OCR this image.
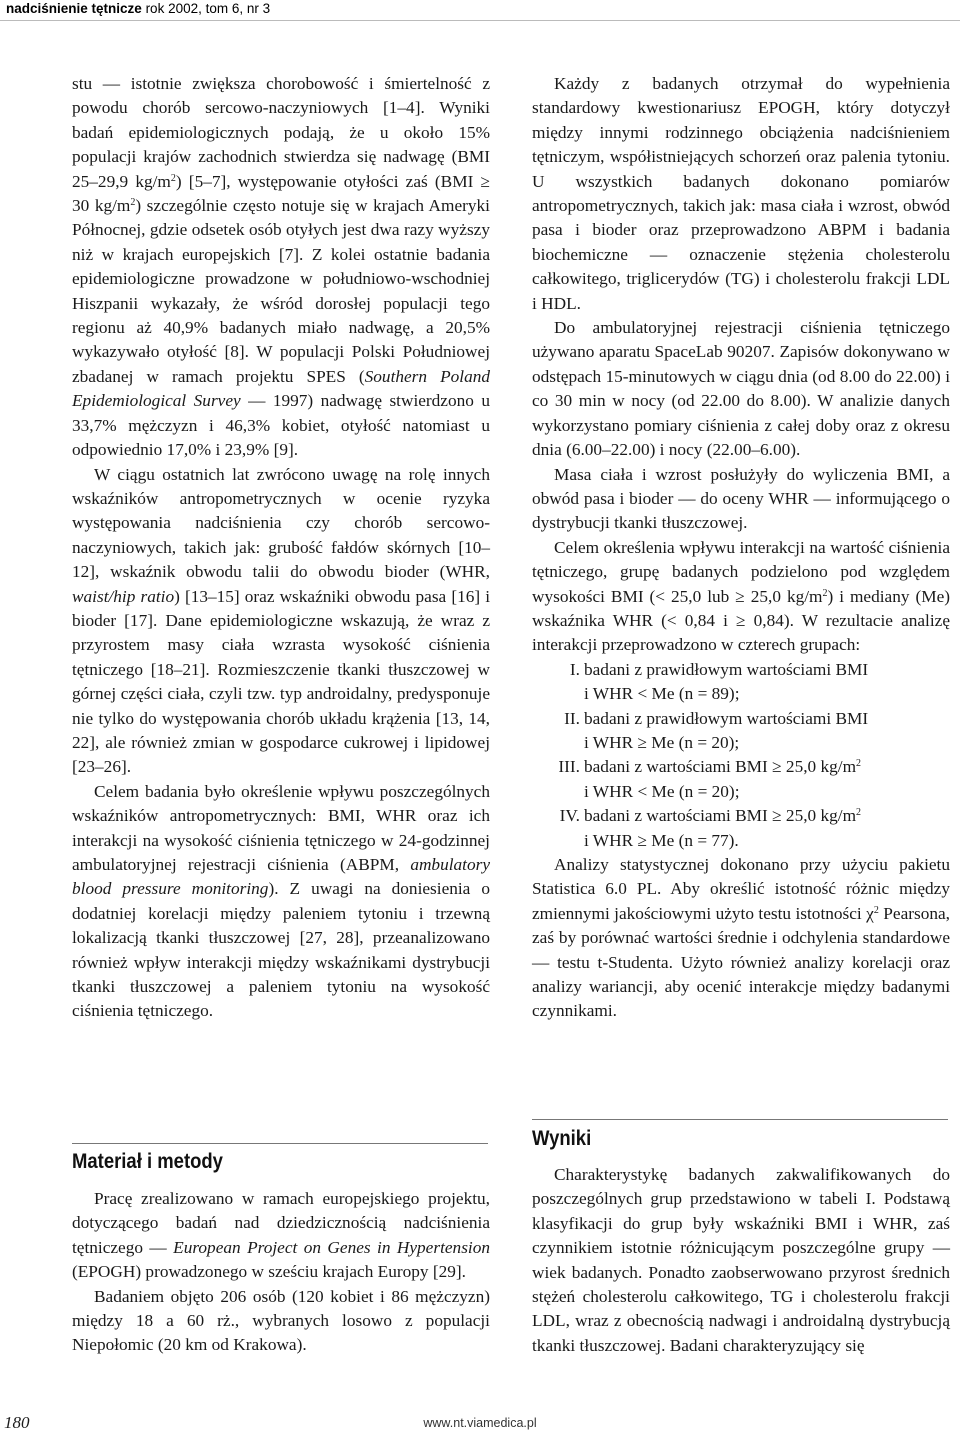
nadciśnienie tętnicze rok 2002, tom 6, nr 3

stu — istotnie zwiększa chorobowość i śmiertelność z powodu chorób sercowo-naczyniowych [1–4]. Wyniki badań epidemiologicznych podają, że u około 15% populacji krajów zachodnich stwierdza się nadwagę (BMI 25–29,9 $kg/m^2$) [5–7], występowanie otyłości zaś (BMI ≥ 30 $kg/m^2$) szczególnie często notuje się w krajach Ameryki Północnej, gdzie odsetek osób otyłych jest dwa razy wyższy niż w krajach europejskich [7]. Z kolei ostatnie badania epidemiologiczne prowadzone w południowo-wschodniej Hiszpanii wykazały, że wśród dorosłej populacji tego regionu aż 40,9% badanych miało nadwagę, a 20,5% wykazywało otyłość [8]. W populacji Polski Południowej zbadanej w ramach projektu SPES (Southern Poland Epidemiological Survey — 1997) nadwagę stwierdzono u 33,7% mężczyzn i 46,3% kobiet, otyłość natomiast u odpowiednio 17,0% i 23,9% [9].

W ciągu ostatnich lat zwrócono uwagę na rolę innych wskaźników antropometrycznych w ocenie ryzyka występowania nadciśnienia czy chorób sercowo-naczyniowych, takich jak: grubość fałdów skórnych [10–12], wskaźnik obwodu talii do obwodu bioder (WHR, waist/hip ratio) [13–15] oraz wskaźniki obwodu pasa [16] i bioder [17]. Dane epidemiologiczne wskazują, że wraz z przyrostem masy ciała wzrasta wysokość ciśnienia tętniczego [18–21]. Rozmieszczenie tkanki tłuszczowej w górnej części ciała, czyli tzw. typ androidalny, predysponuje nie tylko do występowania chorób układu krążenia [13, 14, 22], ale również zmian w gospodarce cukrowej i lipidowej [23–26].

Celem badania było określenie wpływu poszczególnych wskaźników antropometrycznych: BMI, WHR oraz ich interakcji na wysokość ciśnienia tętniczego w 24-godzinnej ambulatoryjnej rejestracji ciśnienia (ABPM, ambulatory blood pressure monitoring). Z uwagi na doniesienia o dodatniej korelacji między paleniem tytoniu i trzewną lokalizacją tkanki tłuszczowej [27, 28], przeanalizowano również wpływ interakcji między wskaźnikami dystrybucji tkanki tłuszczowej a paleniem tytoniu na wysokość ciśnienia tętniczego.

Materiał i metody

Pracę zrealizowano w ramach europejskiego projektu, dotyczącego badań nad dziedzicznością nadciśnienia tętniczego — European Project on Genes in Hypertension (EPOGH) prowadzonego w sześciu krajach Europy [29].

Badaniem objęto 206 osób (120 kobiet i 86 mężczyzn) między 18 a 60 rż., wybranych losowo z populacji Niepołomic (20 km od Krakowa).

Każdy z badanych otrzymał do wypełnienia standardowy kwestionariusz EPOGH, który dotyczył między innymi rodzinnego obciążenia nadciśnieniem tętniczym, współistniejących schorzeń oraz palenia tytoniu. U wszystkich badanych dokonano pomiarów antropometrycznych, takich jak: masa ciała i wzrost, obwód pasa i bioder oraz przeprowadzono ABPM i badania biochemiczne — oznaczenie stężenia cholesterolu całkowitego, triglicerydów (TG) i cholesterolu frakcji LDL i HDL.

Do ambulatoryjnej rejestracji ciśnienia tętniczego używano aparatu SpaceLab 90207. Zapisów dokonywano w odstępach 15-minutowych w ciągu dnia (od 8.00 do 22.00) i co 30 min w nocy (od 22.00 do 8.00). W analizie danych wykorzystano pomiary ciśnienia z całej doby oraz z okresu dnia (6.00–22.00) i nocy (22.00–6.00).

Masa ciała i wzrost posłużyły do wyliczenia BMI, a obwód pasa i bioder — do oceny WHR — informującego o dystrybucji tkanki tłuszczowej.

Celem określenia wpływu interakcji na wartość ciśnienia tętniczego, grupę badanych podzielono pod względem wysokości BMI (< 25,0 lub ≥ 25,0 $kg/m^2$) i mediany (Me) wskaźnika WHR (< 0,84 i ≥ 0,84). W rezultacie analizę interakcji przeprowadzono w czterech grupach:

I. badani z prawidłowym wartościami BMI
i WHR < Me (n = 89);
II. badani z prawidłowym wartościami BMI
i WHR ≥ Me (n = 20);
III. badani z wartościami BMI ≥ 25,0 $kg/m^2$
i WHR < Me (n = 20);
IV. badani z wartościami BMI ≥ 25,0 $kg/m^2$
i WHR ≥ Me (n = 77).

Analizy statystycznej dokonano przy użyciu pakietu Statistica 6.0 PL. Aby określić istotność różnic między zmiennymi jakościowymi użyto testu istotności $\chi^2$ Pearsona, zaś by porównać wartości średnie i odchylenia standardowe — testu t-Studenta. Użyto również analizy korelacji oraz analizy wariancji, aby ocenić interakcje między badanymi czynnikami.

Wyniki

Charakterystykę badanych zakwalifikowanych do poszczególnych grup przedstawiono w tabeli I. Podstawą klasyfikacji do grup były wskaźniki BMI i WHR, zaś czynnikiem istotnie różnicującym poszczególne grupy — wiek badanych. Ponadto zaobserwowano przyrost średnich stężeń cholesterolu całkowitego, TG i cholesterolu frakcji LDL, wraz z obecnością nadwagi i androidalną dystrybucją tkanki tłuszczowej. Badani charakteryzujący się

180	www.nt.viamedica.pl
